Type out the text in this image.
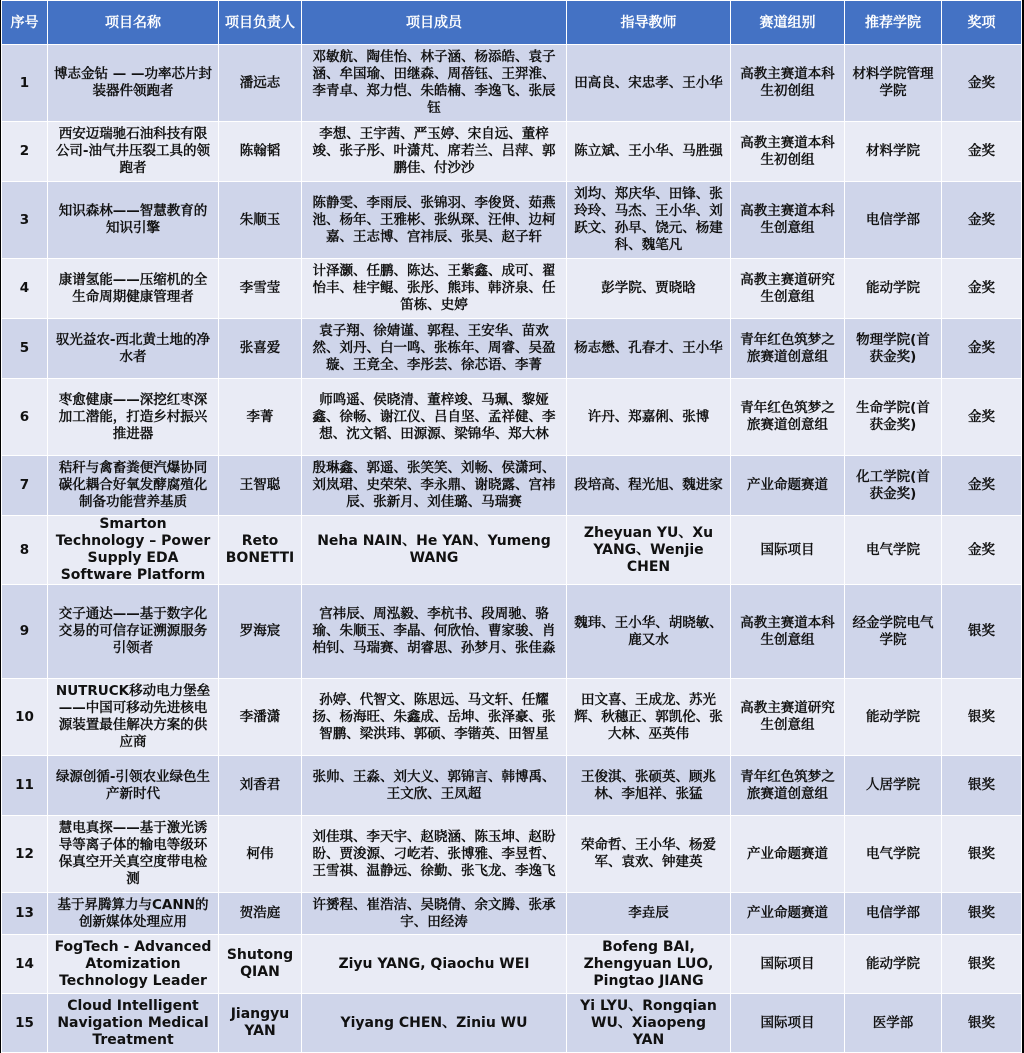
序号	项目名称	项目负责人	项目成员	指导教师	赛道组别	推荐学院	奖项
1	博志金钻 — —功率芯片封装器件领跑者	潘远志	邓敏航、陶佳怡、林子涵、杨添皓、袁子涵、牟国瑜、田继森、周蓓钰、王羿淮、李青卓、郑力恺、朱皓楠、李逸飞、张辰钰	田高良、宋忠孝、王小华	高教主赛道本科生初创组	材料学院管理学院	金奖
2	西安迈瑞驰石油科技有限公司-油气井压裂工具的领跑者	陈翰韬	李想、王宇茜、严玉婷、宋自远、董梓竣、张子彤、叶潇芃、席若兰、吕萍、郭鹏佳、付沙沙	陈立斌、王小华、马胜强	高教主赛道本科生初创组	材料学院	金奖
3	知识森林——智慧教育的知识引擎	朱顺玉	陈静雯、李雨辰、张锦羽、李俊贤、茹燕池、杨年、王雅彬、张纵琛、汪伸、边柯嘉、王志博、宫祎辰、张昊、赵子轩	刘均、郑庆华、田锋、张玲玲、马杰、王小华、刘跃文、孙早、饶元、杨建科、魏笔凡	高教主赛道本科生创意组	电信学部	金奖
4	康谱氢能——压缩机的全生命周期健康管理者	李雪莹	计泽灏、任鹏、陈达、王紫鑫、成可、翟怡丰、桂宇鲲、张彤、熊玮、韩济泉、任笛栋、史婷	彭学院、贾晓晗	高教主赛道研究生创意组	能动学院	金奖
5	驭光益农-西北黄土地的净水者	张喜爱	袁子翔、徐婧谨、郭程、王安华、苗欢然、刘丹、白一鸣、张栋年、周睿、吴盈璇、王竟全、李彤芸、徐芯语、李菁	杨志懋、孔春才、王小华	青年红色筑梦之旅赛道创意组	物理学院(首获金奖)	金奖
6	枣愈健康——深挖红枣深加工潜能，打造乡村振兴推进器	李菁	师鸣遥、侯晓清、董梓竣、马珮、黎娅鑫、徐畅、谢江仪、吕自坚、孟祥健、李想、沈文韬、田源源、梁锦华、郑大林	许丹、郑嘉俐、张博	青年红色筑梦之旅赛道创意组	生命学院(首获金奖)	金奖
7	秸秆与禽畜粪便汽爆协同碳化耦合好氧发酵腐殖化制备功能营养基质	王智聪	殷琳鑫、郭遥、张笑笑、刘畅、侯潇珂、刘岚珺、史荣荣、李永鼎、谢晓露、宫祎辰、张新月、刘佳璐、马瑞赛	段培高、程光旭、魏进家	产业命题赛道	化工学院(首获金奖)	金奖
8	Smarton Technology – Power Supply EDA Software Platform	Reto BONETTI	Neha NAIN、He YAN、Yumeng WANG	Zheyuan YU、Xu YANG、Wenjie CHEN	国际项目	电气学院	金奖
9	交子通达——基于数字化交易的可信存证溯源服务引领者	罗海宸	宫祎辰、周泓毅、李杭书、段周驰、骆瑜、朱顺玉、李晶、何欣怡、曹家骏、肖柏钊、马瑞赛、胡睿思、孙梦月、张佳淼	魏玮、王小华、胡晓敏、鹿又水	高教主赛道本科生创意组	经金学院电气学院	银奖
10	NUTRUCK移动电力堡垒——中国可移动先进核电源装置最佳解决方案的供应商	李潘潇	孙婷、代智文、陈思远、马文轩、任耀扬、杨海旺、朱鑫成、岳坤、张泽豪、张智鹏、梁洪玮、郭硕、李锴英、田智星	田文喜、王成龙、苏光辉、秋穗正、郭凯伦、张大林、巫英伟	高教主赛道研究生创意组	能动学院	银奖
11	绿源创循-引领农业绿色生产新时代	刘香君	张帅、王淼、刘大义、郭锦言、韩博禹、王文欣、王凤超	王俊淇、张硕英、顾兆林、李旭祥、张猛	青年红色筑梦之旅赛道创意组	人居学院	银奖
12	慧电真探——基于激光诱导等离子体的输电等级环保真空开关真空度带电检测	柯伟	刘佳琪、李天宇、赵晓涵、陈玉坤、赵盼盼、贾浚源、刁屹若、张博雅、李昱哲、王雪祺、温静远、徐勤、张飞龙、李逸飞	荣命哲、王小华、杨爱军、袁欢、钟建英	产业命题赛道	电气学院	银奖
13	基于昇腾算力与CANN的创新媒体处理应用	贺浩庭	许赟程、崔浩洁、吴晓倩、余文腾、张承宇、田经涛	李垚辰	产业命题赛道	电信学部	银奖
14	FogTech - Advanced Atomization Technology Leader	Shutong QIAN	Ziyu YANG, Qiaochu WEI	Bofeng BAI, Zhengyuan LUO, Pingtao JIANG	国际项目	能动学院	银奖
15	Cloud Intelligent Navigation Medical Treatment	Jiangyu YAN	Yiyang CHEN、Ziniu WU	Yi LYU、Rongqian WU、Xiaopeng YAN	国际项目	医学部	银奖
